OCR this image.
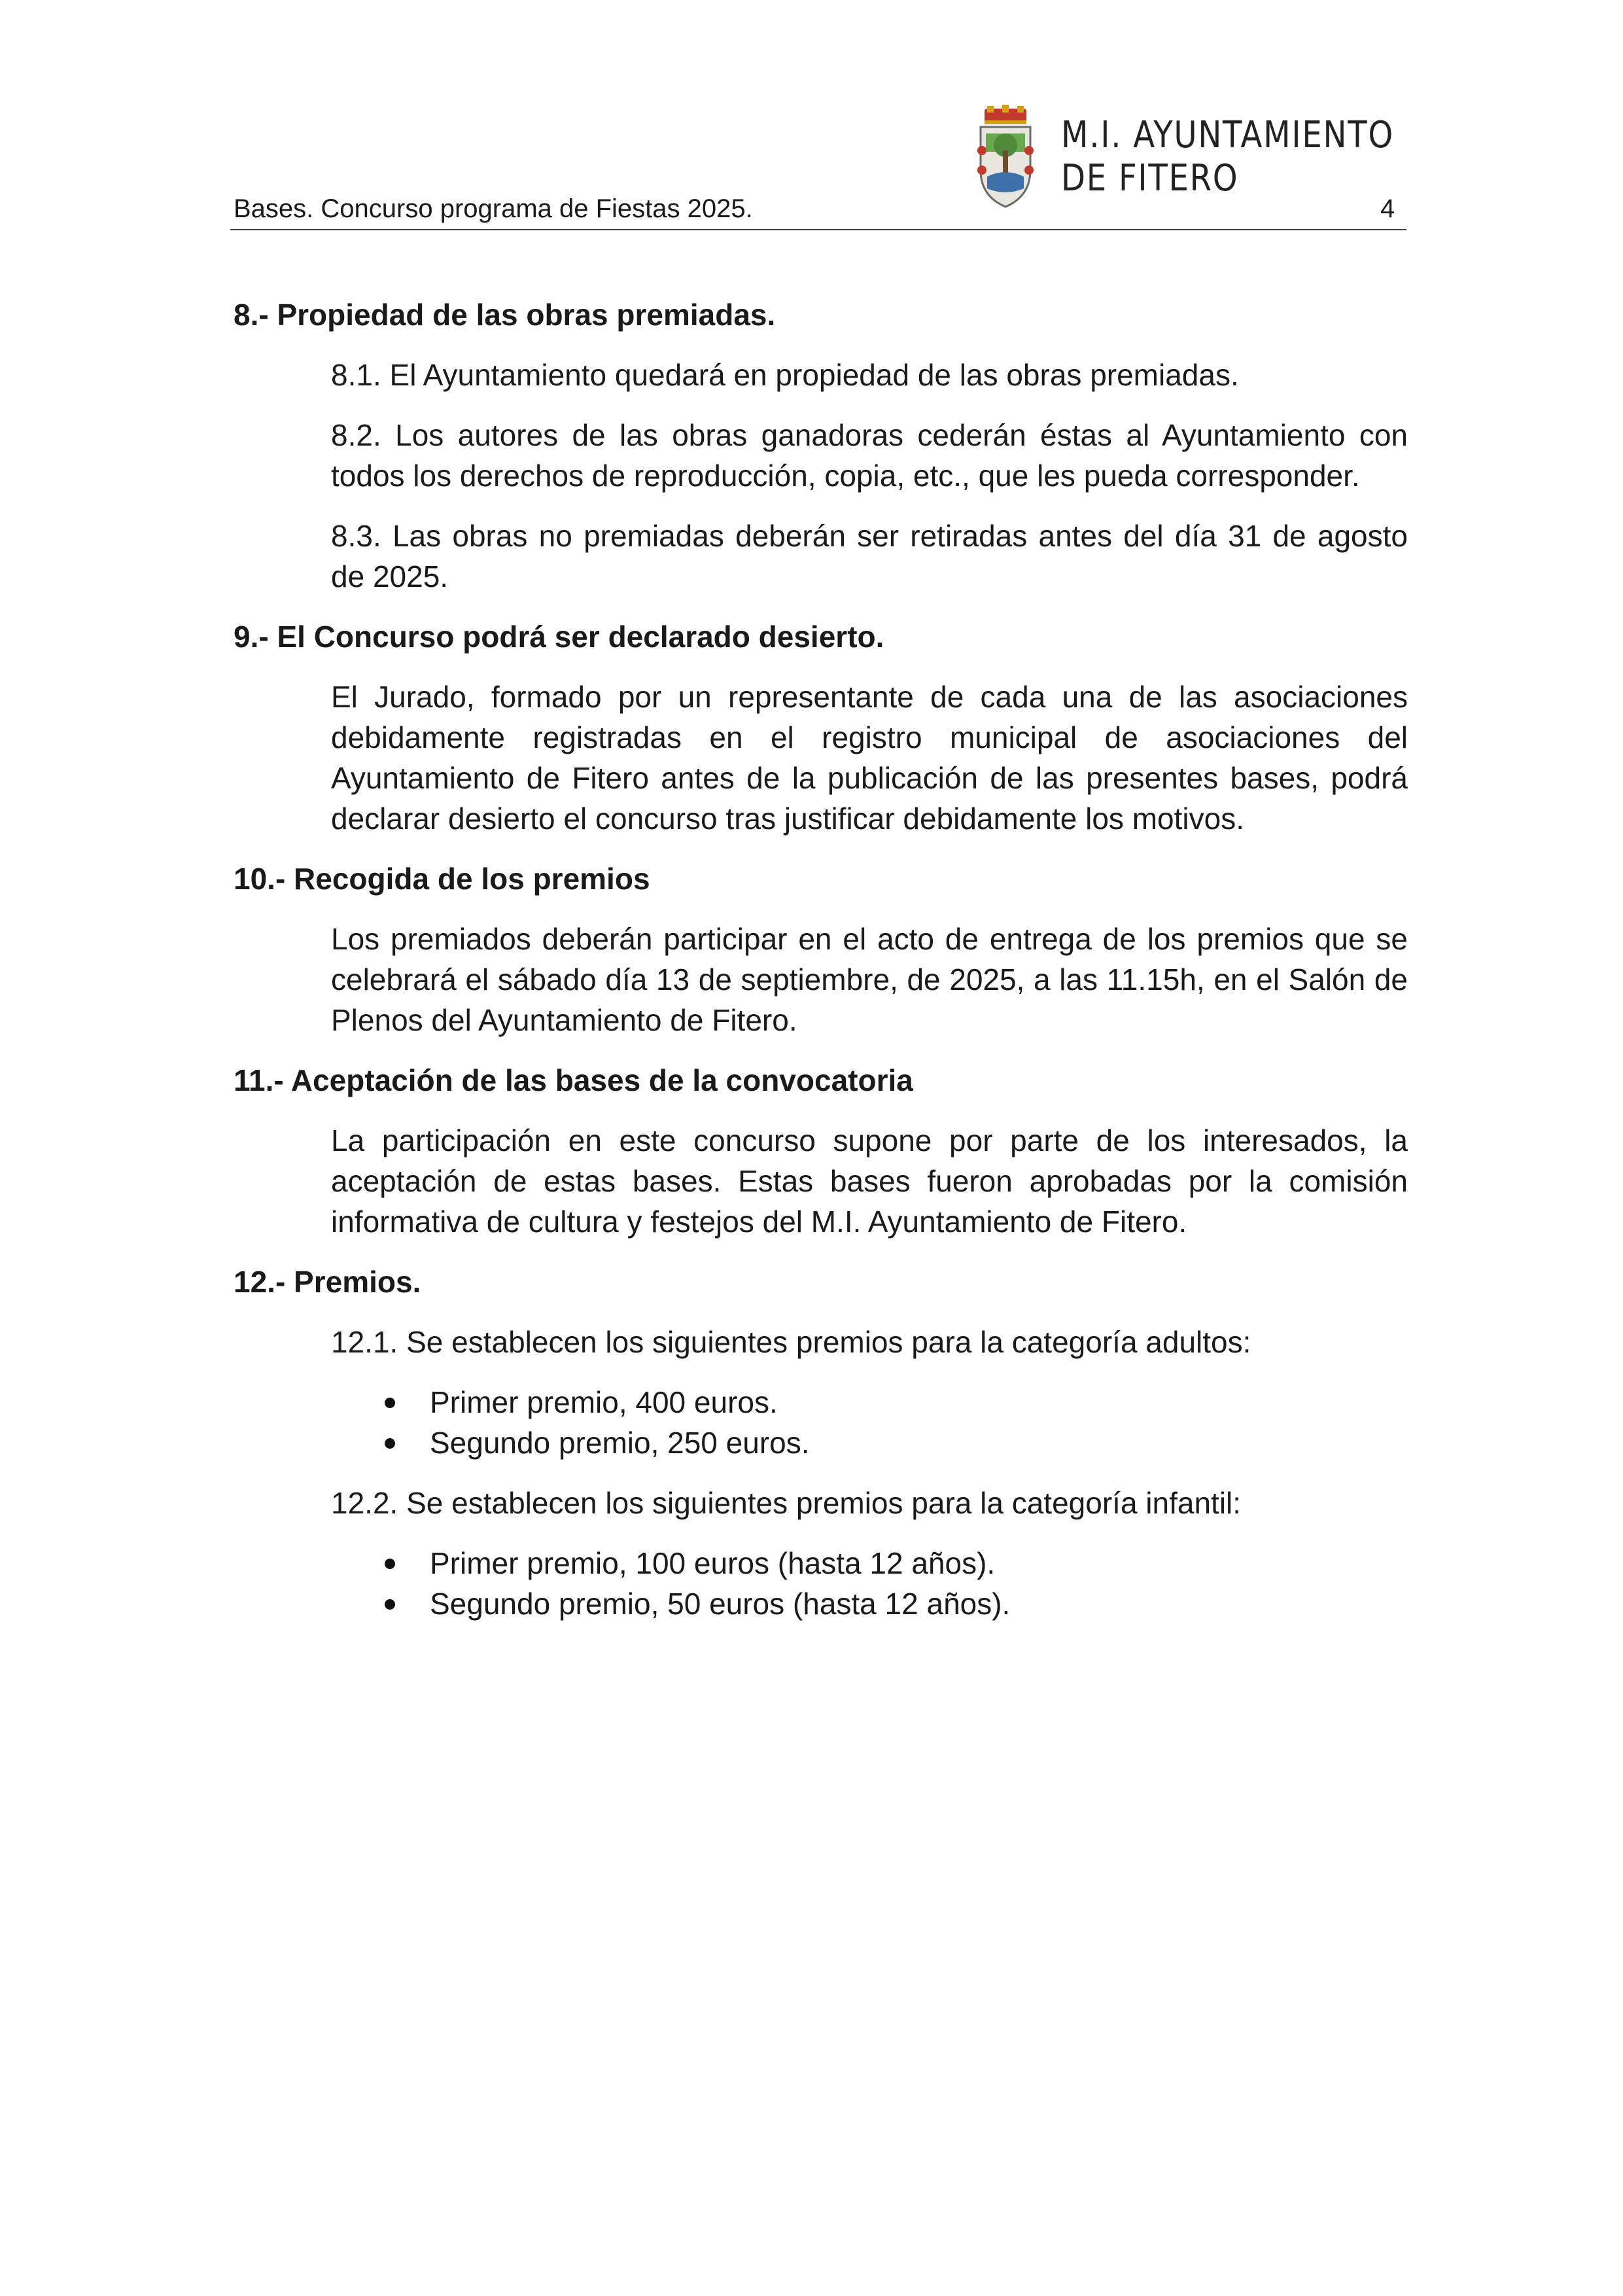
Bases. Concurso programa de Fiestas 2025.
M.I. AYUNTAMIENTO
DE FITERO
4
8.- Propiedad de las obras premiadas.

8.1. El Ayuntamiento quedará en propiedad de las obras premiadas.

8.2. Los autores de las obras ganadoras cederán éstas al Ayuntamiento con todos los derechos de reproducción, copia, etc., que les pueda corresponder.

8.3. Las obras no premiadas deberán ser retiradas antes del día 31 de agosto de 2025.

9.- El Concurso podrá ser declarado desierto.

El Jurado, formado por un representante de cada una de las asociaciones debidamente registradas en el registro municipal de asociaciones del Ayuntamiento de Fitero antes de la publicación de las presentes bases, podrá declarar desierto el concurso tras justificar debidamente los motivos.

10.- Recogida de los premios

Los premiados deberán participar en el acto de entrega de los premios que se celebrará el sábado día 13 de septiembre, de 2025, a las 11.15h, en el Salón de Plenos del Ayuntamiento de Fitero.

11.- Aceptación de las bases de la convocatoria

La participación en este concurso supone por parte de los interesados, la aceptación de estas bases. Estas bases fueron aprobadas por la comisión informativa de cultura y festejos del M.I. Ayuntamiento de Fitero.

12.- Premios.

12.1. Se establecen los siguientes premios para la categoría adultos:

Primer premio, 400 euros.
Segundo premio, 250 euros.

12.2. Se establecen los siguientes premios para la categoría infantil:

Primer premio, 100 euros (hasta 12 años).
Segundo premio, 50 euros (hasta 12 años).
